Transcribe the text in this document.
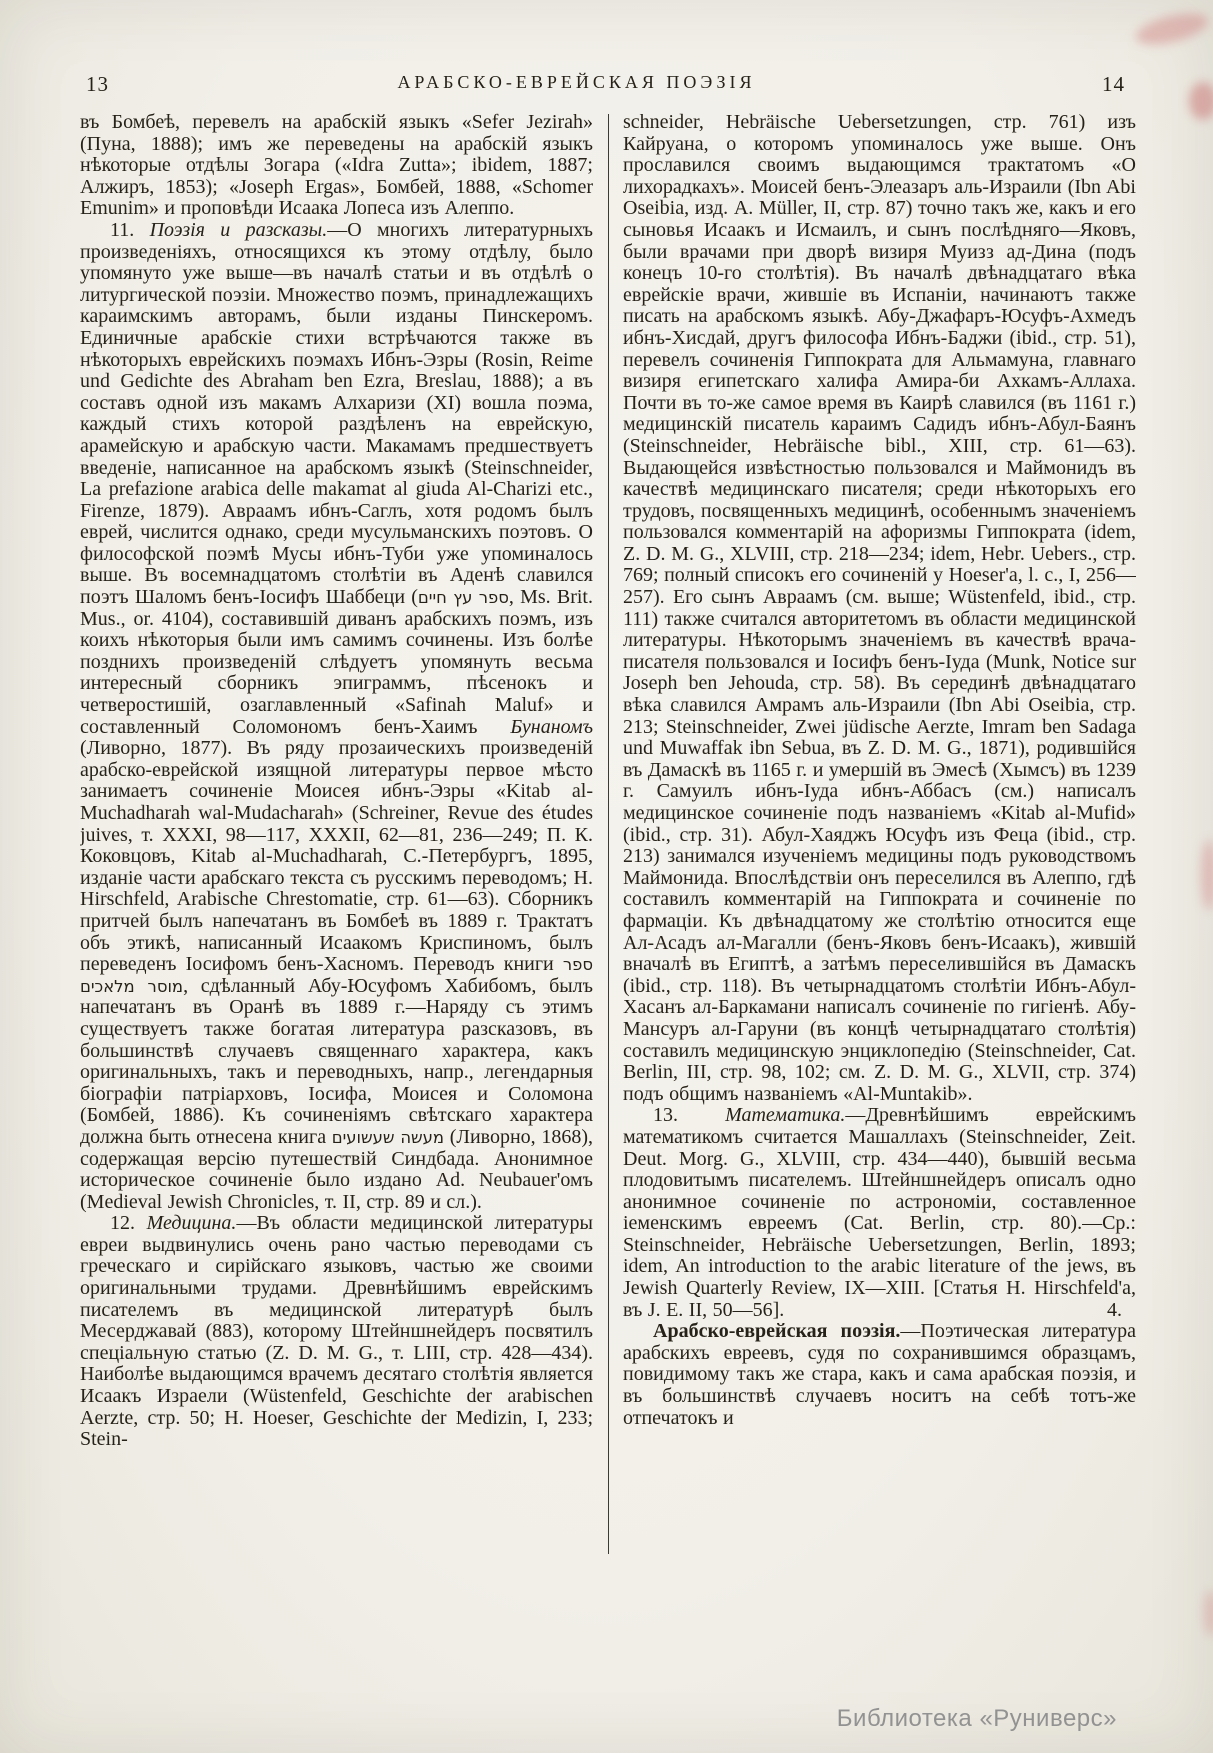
13	АРАБСКО-ЕВРЕЙСКАЯ ПОЭЗІЯ	14

въ Бомбеѣ, перевелъ на арабскій языкъ «Sefer Jezirah» (Пуна, 1888); имъ же переведены на арабскій языкъ нѣкоторые отдѣлы Зогара («Idra Zutta»; ibidem, 1887; Алжиръ, 1853); «Joseph Ergas», Бомбей, 1888, «Schomer Emunim» и проповѣди Исаака Лопеса изъ Алеппо.

11. Поэзія и разсказы.—О многихъ литературныхъ произведеніяхъ, относящихся къ этому отдѣлу, было упомянуто уже выше—въ началѣ статьи и въ отдѣлѣ о литургической поэзіи. Множество поэмъ, принадлежащихъ караимскимъ авторамъ, были изданы Пинскеромъ. Единичные арабскіе стихи встрѣчаются также въ нѣкоторыхъ еврейскихъ поэмахъ Ибнъ-Эзры (Rosin, Reime und Gedichte des Abraham ben Ezra, Breslau, 1888); а въ составъ одной изъ макамъ Алхаризи (XI) вошла поэма, каждый стихъ которой раздѣленъ на еврейскую, арамейскую и арабскую части. Макамамъ предшествуетъ введеніе, написанное на арабскомъ языкѣ (Steinschneider, La prefazione arabica delle makamat al giuda Al-Charizi etc., Firenze, 1879). Авраамъ ибнъ-Саглъ, хотя родомъ былъ еврей, числится однако, среди мусульманскихъ поэтовъ. О философской поэмѣ Мусы ибнъ-Туби уже упоминалось выше. Въ восемнадцатомъ столѣтіи въ Аденѣ славился поэтъ Шаломъ бенъ-Іосифъ Шаббеци (ספר עץ חיים, Ms. Brit. Mus., or. 4104), составившій диванъ арабскихъ поэмъ, изъ коихъ нѣкоторыя были имъ самимъ сочинены. Изъ болѣе позднихъ произведеній слѣдуетъ упомянуть весьма интересный сборникъ эпиграммъ, пѣсенокъ и четверостишій, озаглавленный «Safinah Maluf» и составленный Соломономъ бенъ-Хаимъ Бунаномъ (Ливорно, 1877). Въ ряду прозаическихъ произведеній арабско-еврейской изящной литературы первое мѣсто занимаетъ сочиненіе Моисея ибнъ-Эзры «Kitab al-Muchadharah wal-Mudacharah» (Schreiner, Revue des études juives, т. XXXI, 98—117, XXXII, 62—81, 236—249; П. К. Коковцовъ, Kitab al-Muchadharah, С.-Петербургъ, 1895, изданіе части арабскаго текста съ русскимъ переводомъ; H. Hirschfeld, Arabische Chrestomatie, стр. 61—63). Сборникъ притчей былъ напечатанъ въ Бомбеѣ въ 1889 г. Трактатъ объ этикѣ, написанный Исаакомъ Криспиномъ, былъ переведенъ Іосифомъ бенъ-Хасномъ. Переводъ книги ספר מוסר מלאכים, сдѣланный Абу-Юсуфомъ Хабибомъ, былъ напечатанъ въ Оранѣ въ 1889 г.—Наряду съ этимъ существуетъ также богатая литература разсказовъ, въ большинствѣ случаевъ священнаго характера, какъ оригинальныхъ, такъ и переводныхъ, напр., легендарныя біографіи патріарховъ, Іосифа, Моисея и Соломона (Бомбей, 1886). Къ сочиненіямъ свѣтскаго характера должна быть отнесена книга מעשה שעשועים (Ливорно, 1868), содержащая версію путешествій Синдбада. Анонимное историческое сочиненіе было издано Ad. Neubauer'омъ (Medieval Jewish Chronicles, т. II, стр. 89 и сл.).

12. Медицина.—Въ области медицинской литературы евреи выдвинулись очень рано частью переводами съ греческаго и сирійскаго языковъ, частью же своими оригинальными трудами. Древнѣйшимъ еврейскимъ писателемъ въ медицинской литературѣ былъ Месерджавай (883), которому Штейншнейдеръ посвятилъ спеціальную статью (Z. D. M. G., т. LIII, стр. 428—434). Наиболѣе выдающимся врачемъ десятаго столѣтія является Исаакъ Израели (Wüstenfeld, Geschichte der arabischen Aerzte, стр. 50; H. Hoeser, Geschichte der Medizin, I, 233; Stein-

schneider, Hebräische Uebersetzungen, стр. 761) изъ Кайруана, о которомъ упоминалось уже выше. Онъ прославился своимъ выдающимся трактатомъ «О лихорадкахъ». Моисей бенъ-Элеазаръ аль-Израили (Ibn Abi Oseibia, изд. A. Müller, II, стр. 87) точно такъ же, какъ и его сыновья Исаакъ и Исмаилъ, и сынъ послѣдняго—Яковъ, были врачами при дворѣ визиря Муизз ад-Дина (подъ конецъ 10-го столѣтія). Въ началѣ двѣнадцатаго вѣка еврейскіе врачи, жившіе въ Испаніи, начинаютъ также писать на арабскомъ языкѣ. Абу-Джафаръ-Юсуфъ-Ахмедъ ибнъ-Хисдай, другъ философа Ибнъ-Баджи (ibid., стр. 51), перевелъ сочиненія Гиппократа для Альмамуна, главнаго визиря египетскаго халифа Амира-би Ахкамъ-Аллаха. Почти въ то-же самое время въ Каирѣ славился (въ 1161 г.) медицинскій писатель караимъ Садидъ ибнъ-Абул-Баянъ (Steinschneider, Hebräische bibl., XIII, стр. 61—63). Выдающейся извѣстностью пользовался и Маймонидъ въ качествѣ медицинскаго писателя; среди нѣкоторыхъ его трудовъ, посвященныхъ медицинѣ, особеннымъ значеніемъ пользовался комментарій на афоризмы Гиппократа (idem, Z. D. M. G., XLVIII, стр. 218—234; idem, Hebr. Uebers., стр. 769; полный списокъ его сочиненій у Hoeser'a, l. c., I, 256—257). Его сынъ Авраамъ (см. выше; Wüstenfeld, ibid., стр. 111) также считался авторитетомъ въ области медицинской литературы. Нѣкоторымъ значеніемъ въ качествѣ врача-писателя пользовался и Іосифъ бенъ-Іуда (Munk, Notice sur Joseph ben Jehouda, стр. 58). Въ серединѣ двѣнадцатаго вѣка славился Амрамъ аль-Израили (Ibn Abi Oseibia, стр. 213; Steinschneider, Zwei jüdische Aerzte, Imram ben Sadaga und Muwaffak ibn Sebua, въ Z. D. M. G., 1871), родившійся въ Дамаскѣ въ 1165 г. и умершій въ Эмесѣ (Хымсъ) въ 1239 г. Самуилъ ибнъ-Іуда ибнъ-Аббасъ (см.) написалъ медицинское сочиненіе подъ названіемъ «Kitab al-Mufid» (ibid., стр. 31). Абул-Хаяджъ Юсуфъ изъ Феца (ibid., стр. 213) занимался изученіемъ медицины подъ руководствомъ Маймонида. Впослѣдствіи онъ переселился въ Алеппо, гдѣ составилъ комментарій на Гиппократа и сочиненіе по фармаціи. Къ двѣнадцатому же столѣтію относится еще Ал-Асадъ ал-Магалли (бенъ-Яковъ бенъ-Исаакъ), жившій вначалѣ въ Египтѣ, а затѣмъ переселившійся въ Дамаскъ (ibid., стр. 118). Въ четырнадцатомъ столѣтіи Ибнъ-Абул-Хасанъ ал-Баркамани написалъ сочиненіе по гигіенѣ. Абу-Мансуръ ал-Гаруни (въ концѣ четырнадцатаго столѣтія) составилъ медицинскую энциклопедію (Steinschneider, Cat. Berlin, III, стр. 98, 102; см. Z. D. M. G., XLVII, стр. 374) подъ общимъ названіемъ «Al-Muntakib».

13. Математика.—Древнѣйшимъ еврейскимъ математикомъ считается Машаллахъ (Steinschneider, Zeit. Deut. Morg. G., XLVIII, стр. 434—440), бывшій весьма плодовитымъ писателемъ. Штейншнейдеръ описалъ одно анонимное сочиненіе по астрономіи, составленное іеменскимъ евреемъ (Cat. Berlin, стр. 80).—Ср.: Steinschneider, Hebräische Uebersetzungen, Berlin, 1893; idem, An introduction to the arabic literature of the jews, въ Jewish Quarterly Review, IX—XIII. [Статья H. Hirschfeld'a, въ J. E. II, 50—56].	4.

Арабско-еврейская поэзія.—Поэтическая литература арабскихъ евреевъ, судя по сохранившимся образцамъ, повидимому такъ же стара, какъ и сама арабская поэзія, и въ большинствѣ случаевъ носитъ на себѣ тотъ-же отпечатокъ и

Библиотека «Руниверс»
